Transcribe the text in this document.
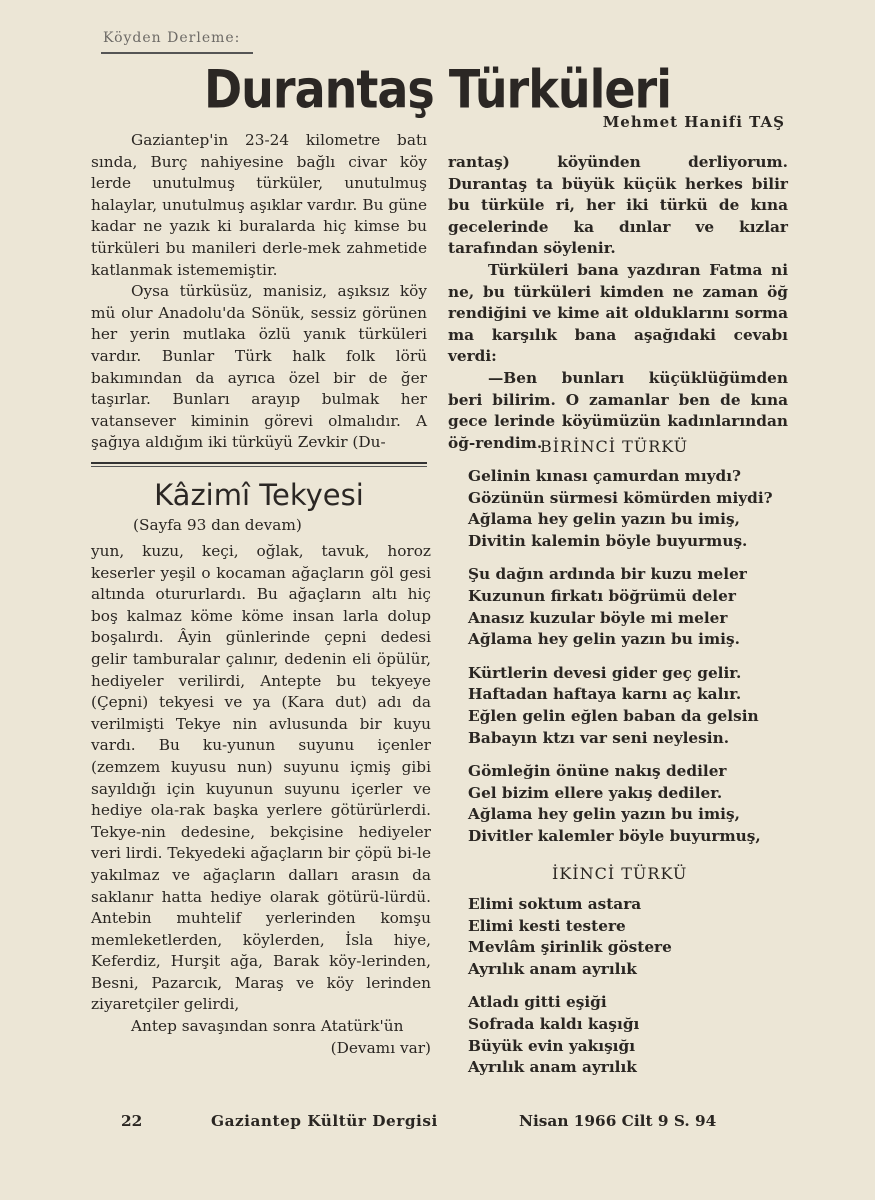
Köyden Derleme:
Durantaş Türküleri
Mehmet Hanifi TAŞ

Gaziantep'in 23-24 kilometre batı sında, Burç nahiyesine bağlı civar köy lerde unutulmuş türküler, unutulmuş halaylar, unutulmuş aşıklar vardır. Bu güne kadar ne yazık ki buralarda hiç kimse bu türküleri bu manileri derle-mek zahmetide katlanmak istememiştir.

Oysa türküsüz, manisiz, aşıksız köy mü olur Anadolu'da Sönük, sessiz görünen her yerin mutlaka özlü yanık türküleri vardır. Bunlar Türk halk folk lörü bakımından da ayrıca özel bir de ğer taşırlar. Bunları arayıp bulmak her vatansever kiminin görevi olmalıdır. A şağıya aldığım iki türküyü Zevkir (Du-

rantaş) köyünden derliyorum. Durantaş ta büyük küçük herkes bilir bu türküle ri, her iki türkü de kına gecelerinde ka dınlar ve kızlar tarafından söylenir.

Türküleri bana yazdıran Fatma ni ne, bu türküleri kimden ne zaman öğ rendiğini ve kime ait olduklarını sorma ma karşılık bana aşağıdaki cevabı verdi:

—Ben bunları küçüklüğümden beri bilirim. O zamanlar ben de kına gece lerinde köyümüzün kadınlarından öğ-rendim.

Kâzimî Tekyesi
(Sayfa 93 dan devam)

yun, kuzu, keçi, oğlak, tavuk, horoz keserler yeşil o kocaman ağaçların göl gesi altında otururlardı. Bu ağaçların altı hiç boş kalmaz köme köme insan larla dolup boşalırdı. Âyin günlerinde çepni dedesi gelir tamburalar çalınır, dedenin eli öpülür, hediyeler verilirdi, Antepte bu tekyeye (Çepni) tekyesi ve ya (Kara dut) adı da verilmişti Tekye nin avlusunda bir kuyu vardı. Bu ku-yunun suyunu içenler (zemzem kuyusu nun) suyunu içmiş gibi sayıldığı için kuyunun suyunu içerler ve hediye ola-rak başka yerlere götürürlerdi. Tekye-nin dedesine, bekçisine hediyeler veri lirdi. Tekyedeki ağaçların bir çöpü bi-le yakılmaz ve ağaçların dalları arasın da saklanır hatta hediye olarak götürü-lürdü. Antebin muhtelif yerlerinden komşu memleketlerden, köylerden, İsla hiye, Keferdiz, Hurşit ağa, Barak köy-lerinden, Besni, Pazarcık, Maraş ve köy lerinden ziyaretçiler gelirdi,

Antep savaşından sonra Atatürk'ün

(Devamı var)

BİRİNCİ TÜRKÜ
Gelinin kınası çamurdan mıydı?
Gözünün sürmesi kömürden miydi?
Ağlama hey gelin yazın bu imiş,
Divitin kalemin böyle buyurmuş.
Şu dağın ardında bir kuzu meler
Kuzunun firkatı böğrümü deler
Anasız kuzular böyle mi meler
Ağlama hey gelin yazın bu imiş.
Kürtlerin devesi gider geç gelir.
Haftadan haftaya karnı aç kalır.
Eğlen gelin eğlen baban da gelsin
Babayın ktzı var seni neylesin.
Gömleğin önüne nakış dediler
Gel bizim ellere yakış dediler.
Ağlama hey gelin yazın bu imiş,
Divitler kalemler böyle buyurmuş,
İKİNCİ TÜRKÜ
Elimi soktum astara
Elimi kesti testere
Mevlâm şirinlik göstere
Ayrılık anam ayrılık
Atladı gitti eşiği
Sofrada kaldı kaşığı
Büyük evin yakışığı
Ayrılık anam ayrılık
22	Gaziantep Kültür Dergisi	Nisan 1966 Cilt 9 S. 94
